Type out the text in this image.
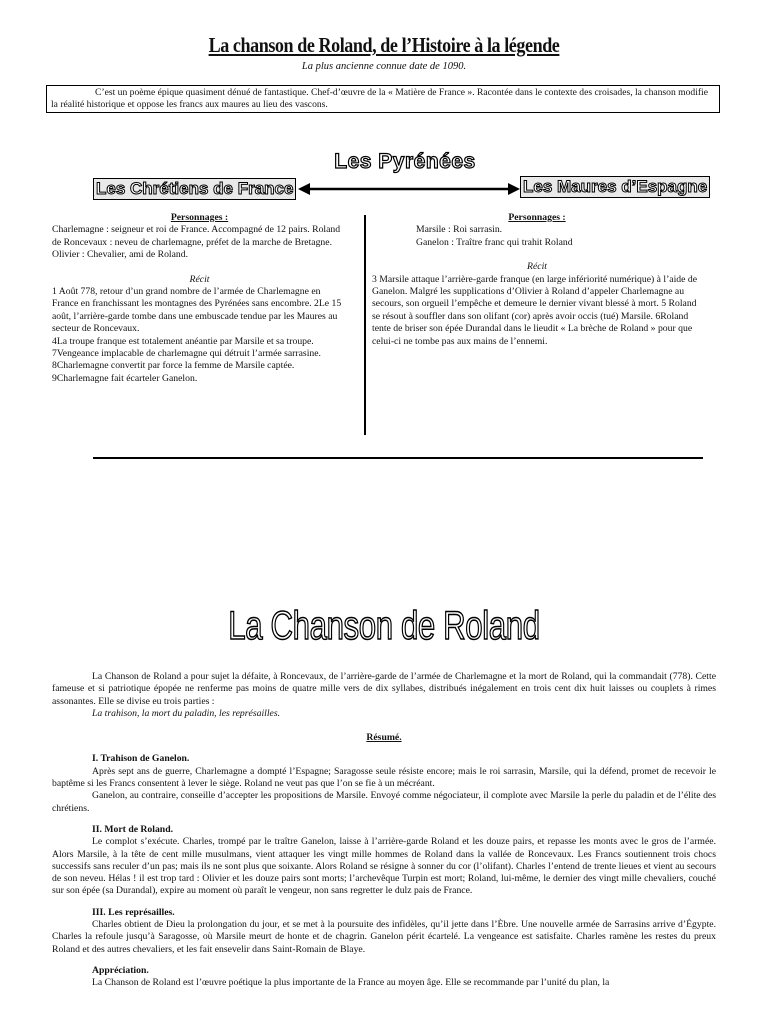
La chanson de Roland, de l’Histoire à la légende
La plus ancienne connue date de 1090.
C’est un poème épique quasiment dénué de fantastique. Chef-d’œuvre de la « Matière de France ». Racontée dans le contexte des croisades, la chanson modifie la réalité historique et oppose les francs aux maures au lieu des vascons.
Les Pyrénées
Les Chrétiens de France	Les Maures d’Espagne
Personnages :

Charlemagne : seigneur et roi de France. Accompagné de 12 pairs. Roland de Roncevaux : neveu de charlemagne, préfet de la marche de Bretagne.

Olivier : Chevalier, ami de Roland.

Récit

1 Août 778, retour d’un grand nombre de l’armée de Charlemagne en France en franchissant les montagnes des Pyrénées sans encombre. 2Le 15 août, l’arrière-garde tombe dans une embuscade tendue par les Maures au secteur de Roncevaux.

4La troupe franque est totalement anéantie par Marsile et sa troupe.

7Vengeance implacable de charlemagne qui détruit l’armée sarrasine. 8Charlemagne convertit par force la femme de Marsile captée. 9Charlemagne fait écarteler Ganelon.

Personnages :

Marsile : Roi sarrasin.

Ganelon : Traître franc qui trahit Roland

Récit

3 Marsile attaque l’arrière-garde franque (en large infériorité numérique) à l’aide de Ganelon. Malgré les supplications d’Olivier à Roland d’appeler Charlemagne au secours, son orgueil l’empêche et demeure le dernier vivant blessé à mort. 5 Roland se résout à souffler dans son olifant (cor) après avoir occis (tué) Marsile. 6Roland tente de briser son épée Durandal dans le lieudit « La brèche de Roland » pour que celui-ci ne tombe pas aux mains de l’ennemi.

La Chanson de Roland

La Chanson de Roland a pour sujet la défaite, à Roncevaux, de l’arrière-garde de l’armée de Charlemagne et la mort de Roland, qui la commandait (778). Cette fameuse et si patriotique épopée ne renferme pas moins de quatre mille vers de dix syllabes, distribués inégalement en trois cent dix huit laisses ou couplets à rimes assonantes. Elle se divise eu trois parties :

La trahison, la mort du paladin, les représailles.

Résumé.

I. Trahison de Ganelon.

Après sept ans de guerre, Charlemagne a dompté l’Espagne; Saragosse seule résiste encore; mais le roi sarrasin, Marsile, qui la défend, promet de recevoir le baptême si les Francs consentent à lever le siège. Roland ne veut pas que l’on se fie à un mécréant.

Ganelon, au contraire, conseille d’accepter les propositions de Marsile. Envoyé comme négociateur, il complote avec Marsile la perle du paladin et de l’élite des chrétiens.

II. Mort de Roland.

Le complot s’exécute. Charles, trompé par le traître Ganelon, laisse à l’arrière-garde Roland et les douze pairs, et repasse les monts avec le gros de l’armée. Alors Marsile, à la tête de cent mille musulmans, vient attaquer les vingt mille hommes de Roland dans la vallée de Roncevaux. Les Francs soutiennent trois chocs successifs sans reculer d’un pas; mais ils ne sont plus que soixante. Alors Roland se résigne à sonner du cor (l’olifant). Charles l’entend de trente lieues et vient au secours de son neveu. Hélas ! il est trop tard : Olivier et les douze pairs sont morts; l’archevêque Turpin est mort; Roland, lui-même, le dernier des vingt mille chevaliers, couché sur son épée (sa Durandal), expire au moment où paraît le vengeur, non sans regretter le dulz pais de France.

III. Les représailles.

Charles obtient de Dieu la prolongation du jour, et se met à la poursuite des infidèles, qu’il jette dans l’Èbre. Une nouvelle armée de Sarrasins arrive d’Égypte. Charles la refoule jusqu’à Saragosse, où Marsile meurt de honte et de chagrin. Ganelon périt écartelé. La vengeance est satisfaite. Charles ramène les restes du preux Roland et des autres chevaliers, et les fait ensevelir dans Saint-Romain de Blaye.

Appréciation.

La Chanson de Roland est l’œuvre poétique la plus importante de la France au moyen âge. Elle se recommande par l’unité du plan, la
